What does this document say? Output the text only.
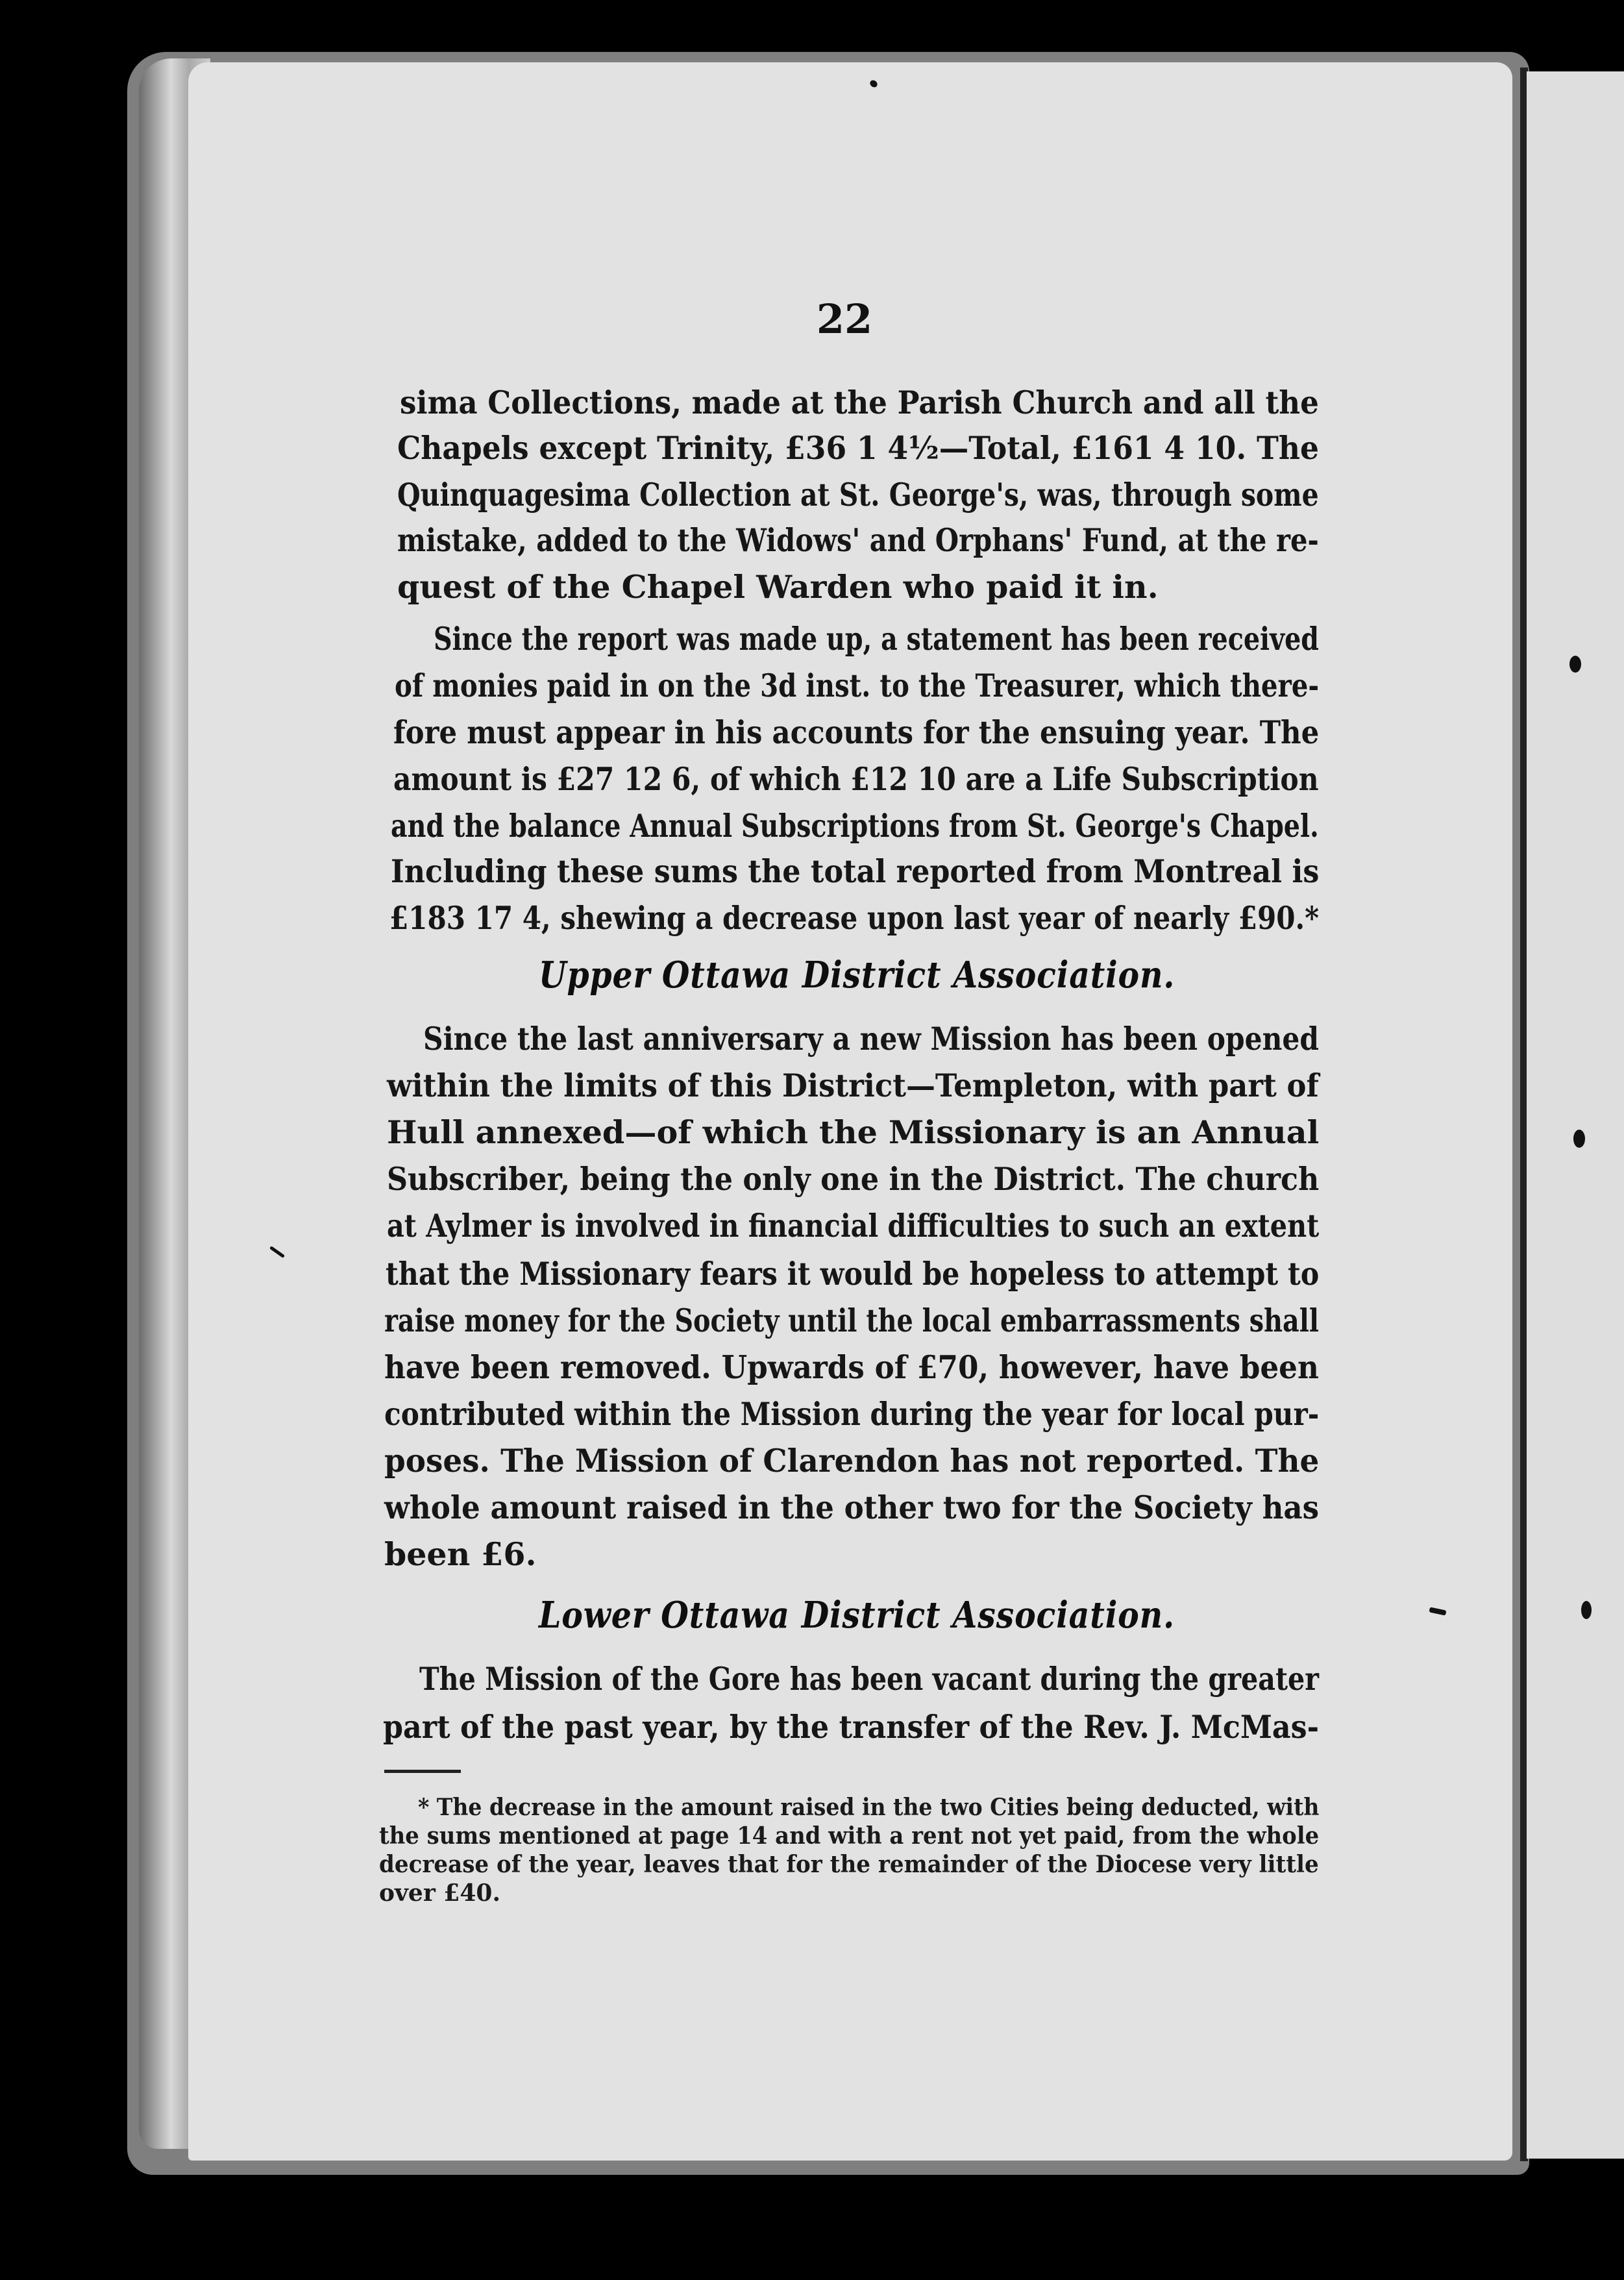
22
sima Collections, made at the Parish Church and all the
Chapels except Trinity, £36 1 4½—Total, £161 4 10. The
Quinquagesima Collection at St. George's, was, through some
mistake, added to the Widows' and Orphans' Fund, at the re-
quest of the Chapel Warden who paid it in.
Since the report was made up, a statement has been received
of monies paid in on the 3d inst. to the Treasurer, which there-
fore must appear in his accounts for the ensuing year. The
amount is £27 12 6, of which £12 10 are a Life Subscription
and the balance Annual Subscriptions from St. George's Chapel.
Including these sums the total reported from Montreal is
£183 17 4, shewing a decrease upon last year of nearly £90.*
Upper Ottawa District Association.
Since the last anniversary a new Mission has been opened
within the limits of this District—Templeton, with part of
Hull annexed—of which the Missionary is an Annual
Subscriber, being the only one in the District. The church
at Aylmer is involved in financial difficulties to such an extent
that the Missionary fears it would be hopeless to attempt to
raise money for the Society until the local embarrassments shall
have been removed. Upwards of £70, however, have been
contributed within the Mission during the year for local pur-
poses. The Mission of Clarendon has not reported. The
whole amount raised in the other two for the Society has
been £6.
Lower Ottawa District Association.
The Mission of the Gore has been vacant during the greater
part of the past year, by the transfer of the Rev. J. McMas-
* The decrease in the amount raised in the two Cities being deducted, with
the sums mentioned at page 14 and with a rent not yet paid, from the whole
decrease of the year, leaves that for the remainder of the Diocese very little
over £40.
